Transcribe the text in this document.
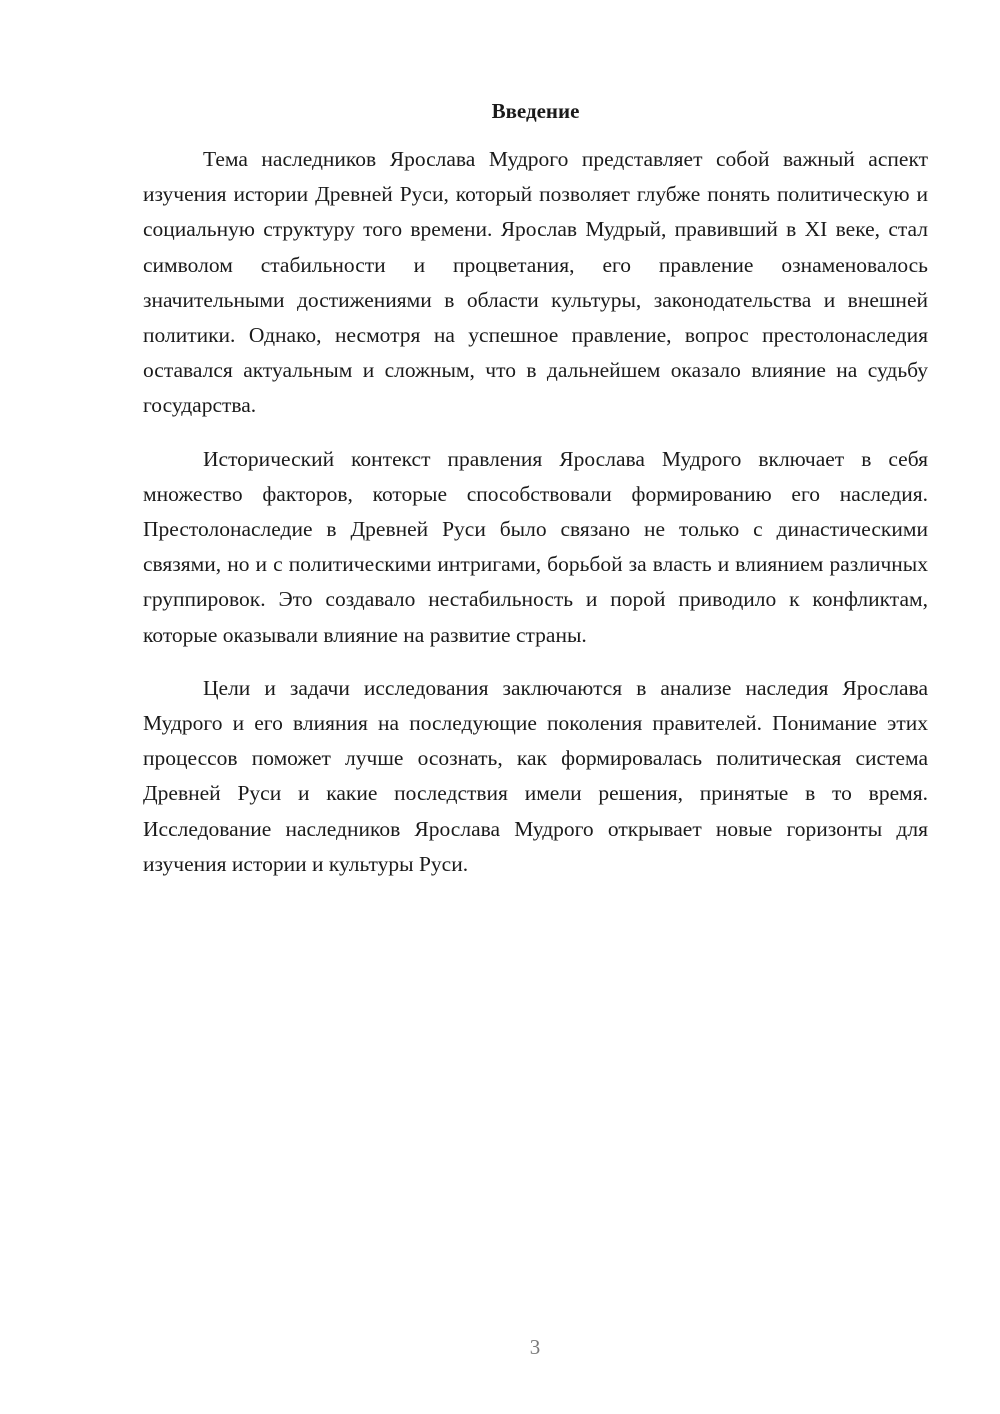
Введение

Тема наследников Ярослава Мудрого представляет собой важный аспект изучения истории Древней Руси, который позволяет глубже понять политическую и социальную структуру того времени. Ярослав Мудрый, правивший в XI веке, стал символом стабильности и процветания, его правление ознаменовалось значительными достижениями в области культуры, законодательства и внешней политики. Однако, несмотря на успешное правление, вопрос престолонаследия оставался актуальным и сложным, что в дальнейшем оказало влияние на судьбу государства.

Исторический контекст правления Ярослава Мудрого включает в себя множество факторов, которые способствовали формированию его наследия. Престолонаследие в Древней Руси было связано не только с династическими связями, но и с политическими интригами, борьбой за власть и влиянием различных группировок. Это создавало нестабильность и порой приводило к конфликтам, которые оказывали влияние на развитие страны.

Цели и задачи исследования заключаются в анализе наследия Ярослава Мудрого и его влияния на последующие поколения правителей. Понимание этих процессов поможет лучше осознать, как формировалась политическая система Древней Руси и какие последствия имели решения, принятые в то время. Исследование наследников Ярослава Мудрого открывает новые горизонты для изучения истории и культуры Руси.

3
